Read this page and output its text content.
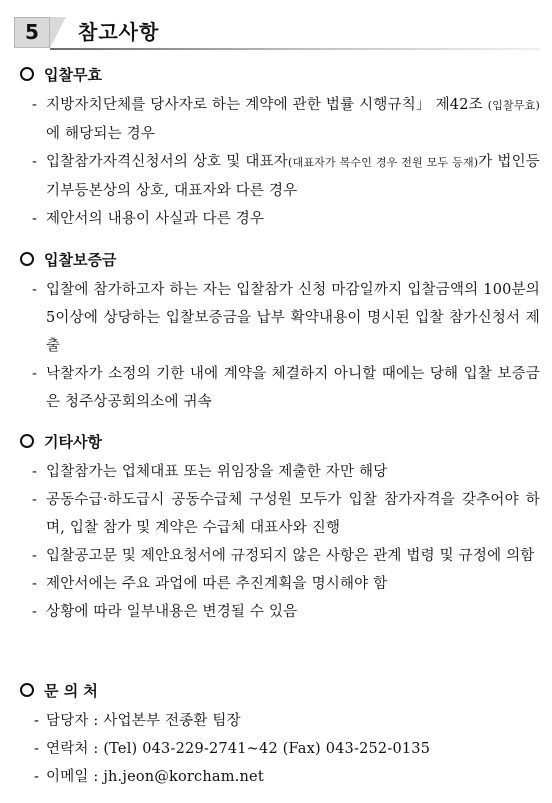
5	참고사항
입찰무효
- 지방자치단체를 당사자로 하는 계약에 관한 법률 시행규칙」 제42조 (입찰무효)에 해당되는 경우
- 입찰참가자격신청서의 상호 및 대표자(대표자가 복수인 경우 전원 모두 등재)가 법인등기부등본상의 상호, 대표자와 다른 경우
- 제안서의 내용이 사실과 다른 경우
입찰보증금
- 입찰에 참가하고자 하는 자는 입찰참가 신청 마감일까지 입찰금액의 100분의 5이상에 상당하는 입찰보증금을 납부 확약내용이 명시된 입찰 참가신청서 제출
- 낙찰자가 소정의 기한 내에 계약을 체결하지 아니할 때에는 당해 입찰 보증금은 청주상공회의소에 귀속
기타사항
- 입찰참가는 업체대표 또는 위임장을 제출한 자만 해당
- 공동수급·하도급시 공동수급체 구성원 모두가 입찰 참가자격을 갖추어야 하며, 입찰 참가 및 계약은 수급체 대표사와 진행
- 입찰공고문 및 제안요청서에 규정되지 않은 사항은 관계 법령 및 규정에 의함
- 제안서에는 주요 과업에 따른 추진계획을 명시해야 함
- 상황에 따라 일부내용은 변경될 수 있음
문 의 처
- 담당자 : 사업본부 전종환 팀장
- 연락처 : (Tel) 043-229-2741~42 (Fax) 043-252-0135
- 이메일 : jh.jeon@korcham.net
